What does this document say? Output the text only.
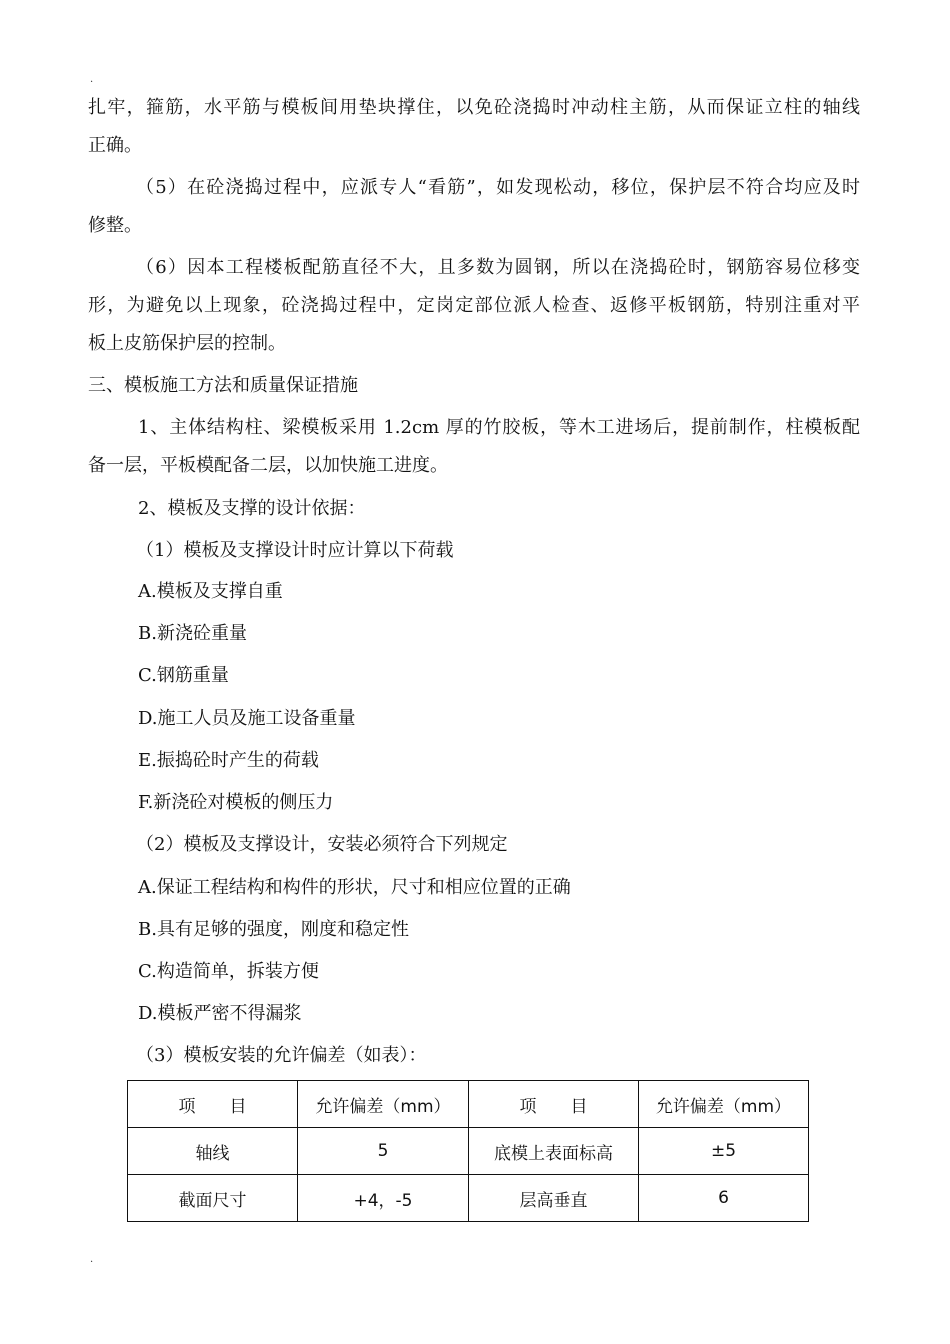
.
扎牢，箍筋，水平筋与模板间用垫块撑住，以免砼浇捣时冲动柱主筋，从而保证立柱的轴线
正确。
（5）在砼浇捣过程中，应派专人“看筋”，如发现松动，移位，保护层不符合均应及时
修整。
（6）因本工程楼板配筋直径不大，且多数为圆钢，所以在浇捣砼时，钢筋容易位移变
形，为避免以上现象，砼浇捣过程中，定岗定部位派人检查、返修平板钢筋，特别注重对平
板上皮筋保护层的控制。
三、模板施工方法和质量保证措施
1、主体结构柱、梁模板采用 1.2cm 厚的竹胶板，等木工进场后，提前制作，柱模板配
备一层，平板模配备二层，以加快施工进度。
2、模板及支撑的设计依据：
（1）模板及支撑设计时应计算以下荷载
A.模板及支撑自重
B.新浇砼重量
C.钢筋重量
D.施工人员及施工设备重量
E.振捣砼时产生的荷载
F.新浇砼对模板的侧压力
（2）模板及支撑设计，安装必须符合下列规定
A.保证工程结构和构件的形状，尺寸和相应位置的正确
B.具有足够的强度，刚度和稳定性
C.构造简单，拆装方便
D.模板严密不得漏浆
（3）模板安装的允许偏差（如表）：
项　　目	允许偏差（mm）	项　　目	允许偏差（mm）
轴线	5	底模上表面标高	±5
截面尺寸	+4，-5	层高垂直	6
.
